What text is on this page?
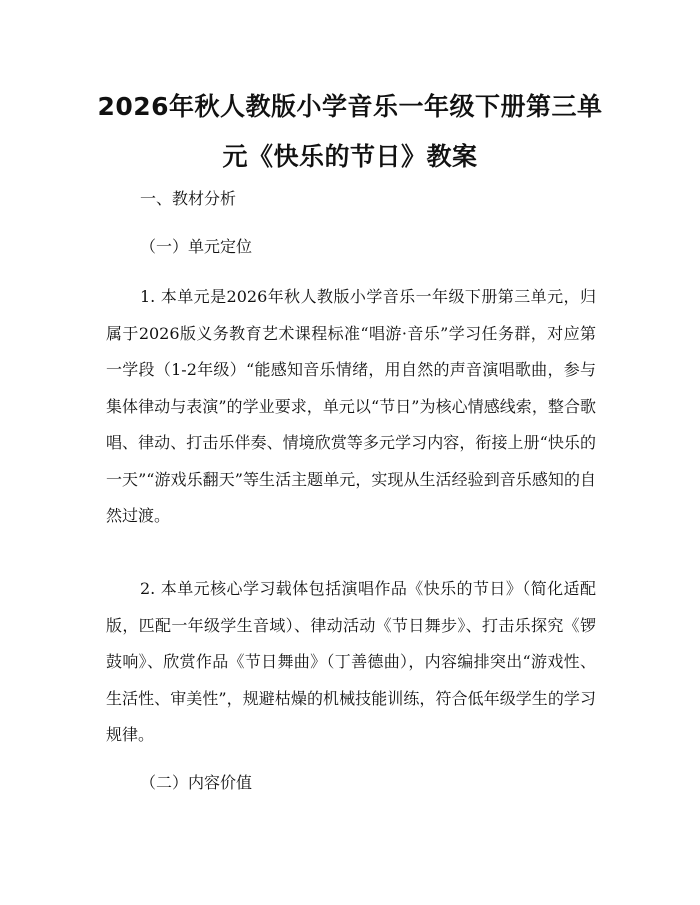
2026年秋人教版小学音乐一年级下册第三单元《快乐的节日》教案

一、教材分析

（一）单元定位

1. 本单元是2026年秋人教版小学音乐一年级下册第三单元，归属于2026版义务教育艺术课程标准“唱游·音乐”学习任务群，对应第一学段（1-2年级）“能感知音乐情绪，用自然的声音演唱歌曲，参与集体律动与表演”的学业要求，单元以“节日”为核心情感线索，整合歌唱、律动、打击乐伴奏、情境欣赏等多元学习内容，衔接上册“快乐的一天”“游戏乐翻天”等生活主题单元，实现从生活经验到音乐感知的自然过渡。

2. 本单元核心学习载体包括演唱作品《快乐的节日》（简化适配版，匹配一年级学生音域）、律动活动《节日舞步》、打击乐探究《锣鼓响》、欣赏作品《节日舞曲》（丁善德曲），内容编排突出“游戏性、生活性、审美性”，规避枯燥的机械技能训练，符合低年级学生的学习规律。

（二）内容价值
